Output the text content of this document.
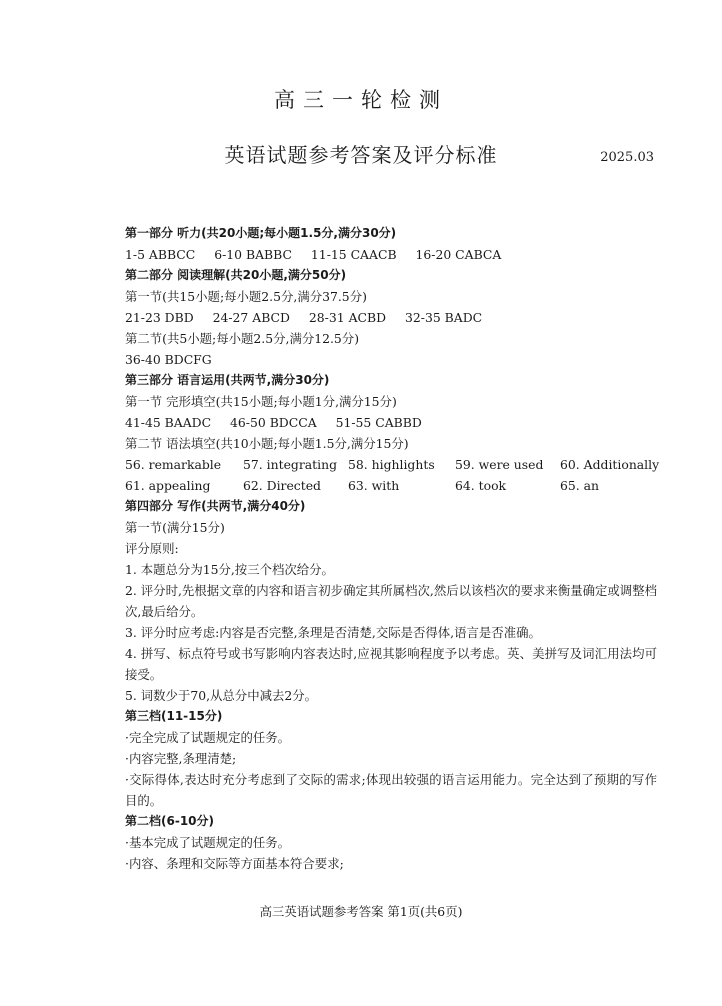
高三一轮检测
英语试题参考答案及评分标准	2025.03
第一部分 听力(共20小题;每小题1.5分,满分30分)
1-5 ABBCC 6-10 BABBC 11-15 CAACB 16-20 CABCA
第二部分 阅读理解(共20小题,满分50分)
第一节(共15小题;每小题2.5分,满分37.5分)
21-23 DBD 24-27 ABCD 28-31 ACBD 32-35 BADC
第二节(共5小题;每小题2.5分,满分12.5分)
36-40 BDCFG
第三部分 语言运用(共两节,满分30分)
第一节 完形填空(共15小题;每小题1分,满分15分)
41-45 BAADC 46-50 BDCCA 51-55 CABBD
第二节 语法填空(共10小题;每小题1.5分,满分15分)
56. remarkable	57. integrating 58. highlights	59. were used	60. Additionally
61. appealing	62. Directed	63. with	64. took	65. an
第四部分 写作(共两节,满分40分)
第一节(满分15分)
评分原则:
1. 本题总分为15分,按三个档次给分。
2. 评分时,先根据文章的内容和语言初步确定其所属档次,然后以该档次的要求来衡量确定或调整档次,最后给分。
3. 评分时应考虑:内容是否完整,条理是否清楚,交际是否得体,语言是否准确。
4. 拼写、标点符号或书写影响内容表达时,应视其影响程度予以考虑。英、美拼写及词汇用法均可接受。
5. 词数少于70,从总分中减去2分。
第三档(11-15分)
·完全完成了试题规定的任务。
·内容完整,条理清楚;
·交际得体,表达时充分考虑到了交际的需求;体现出较强的语言运用能力。完全达到了预期的写作目的。
第二档(6-10分)
·基本完成了试题规定的任务。
·内容、条理和交际等方面基本符合要求;
高三英语试题参考答案 第1页(共6页)
